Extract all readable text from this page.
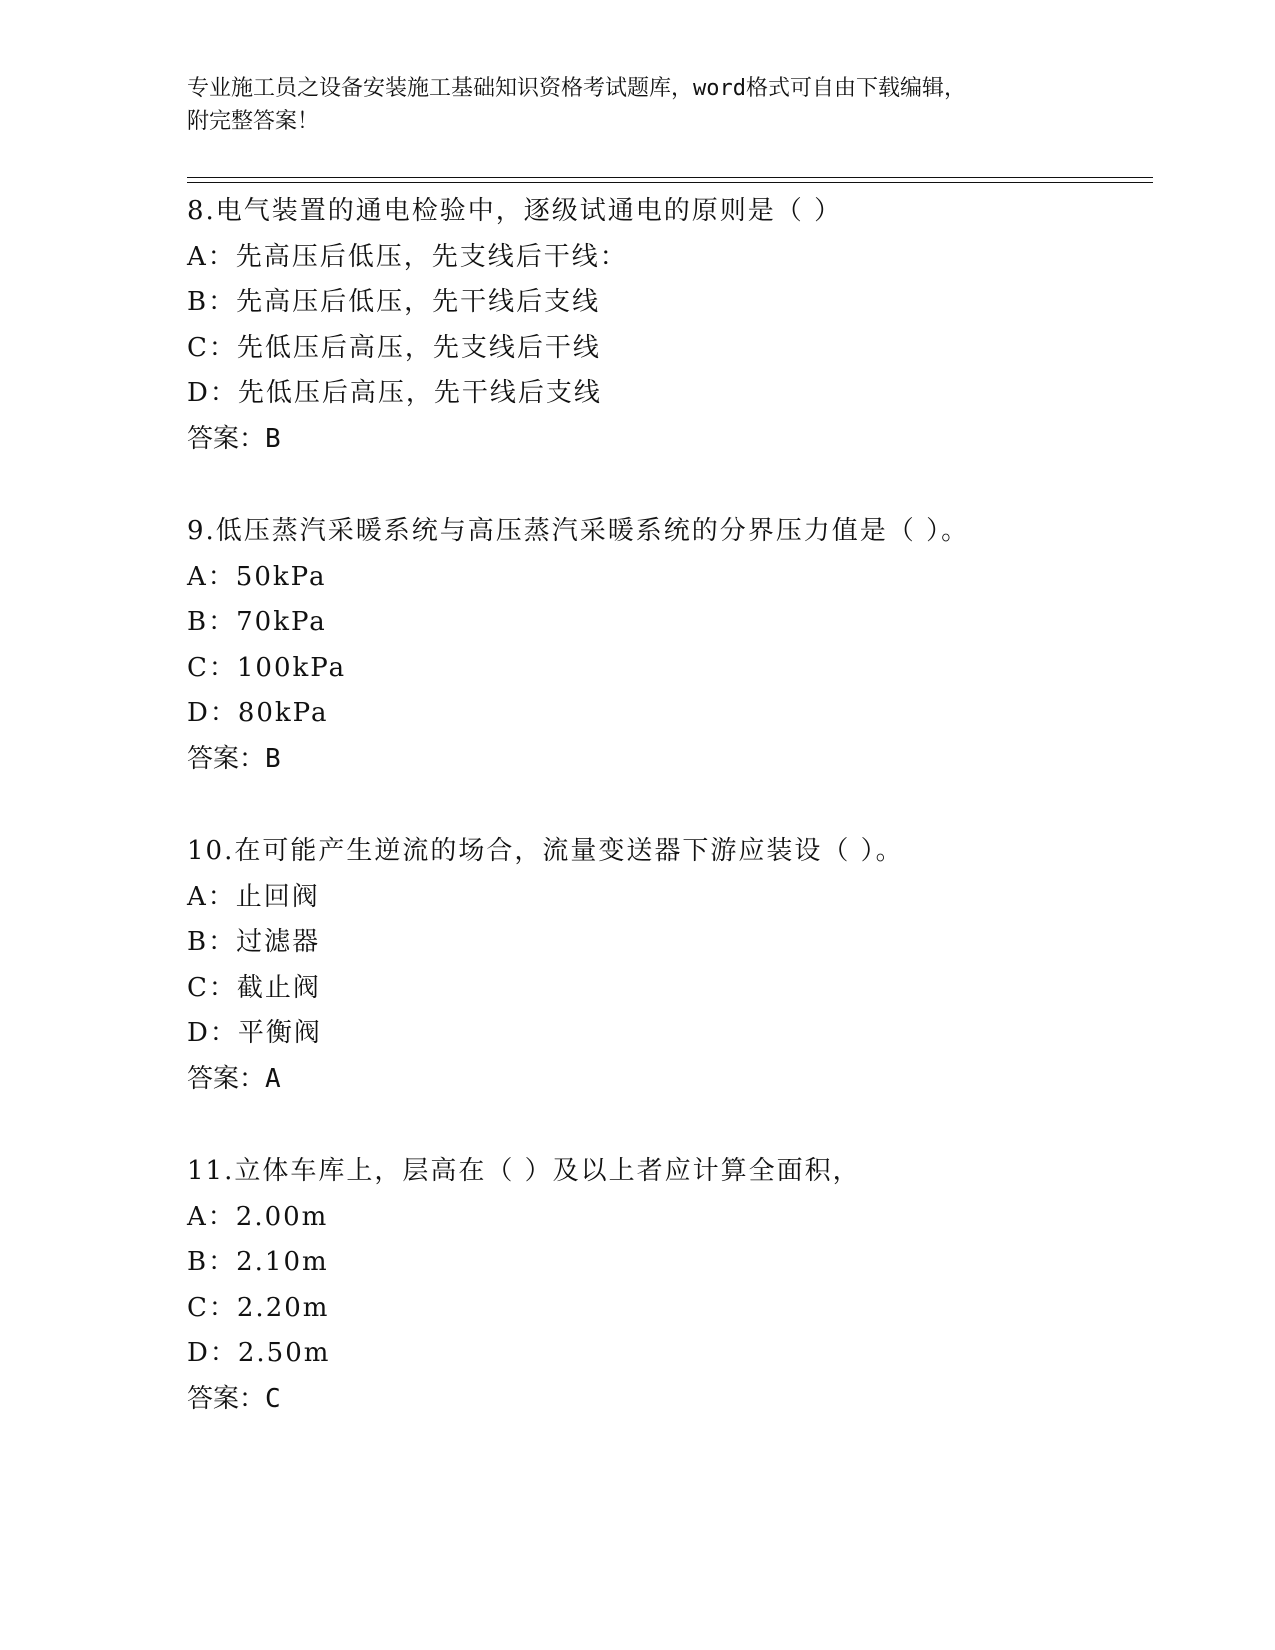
专业施工员之设备安装施工基础知识资格考试题库，word格式可自由下载编辑，
附完整答案！
8.电气装置的通电检验中，逐级试通电的原则是（ ）
A：先高压后低压，先支线后干线：
B：先高压后低压，先干线后支线
C：先低压后高压，先支线后干线
D：先低压后高压，先干线后支线
答案：B
9.低压蒸汽采暖系统与高压蒸汽采暖系统的分界压力值是（ ）。
A：50kPa
B：70kPa
C：100kPa
D：80kPa
答案：B
10.在可能产生逆流的场合，流量变送器下游应装设（ ）。
A：止回阀
B：过滤器
C：截止阀
D：平衡阀
答案：A
11.立体车库上，层高在（ ）及以上者应计算全面积，
A：2.00m
B：2.10m
C：2.20m
D：2.50m
答案：C
